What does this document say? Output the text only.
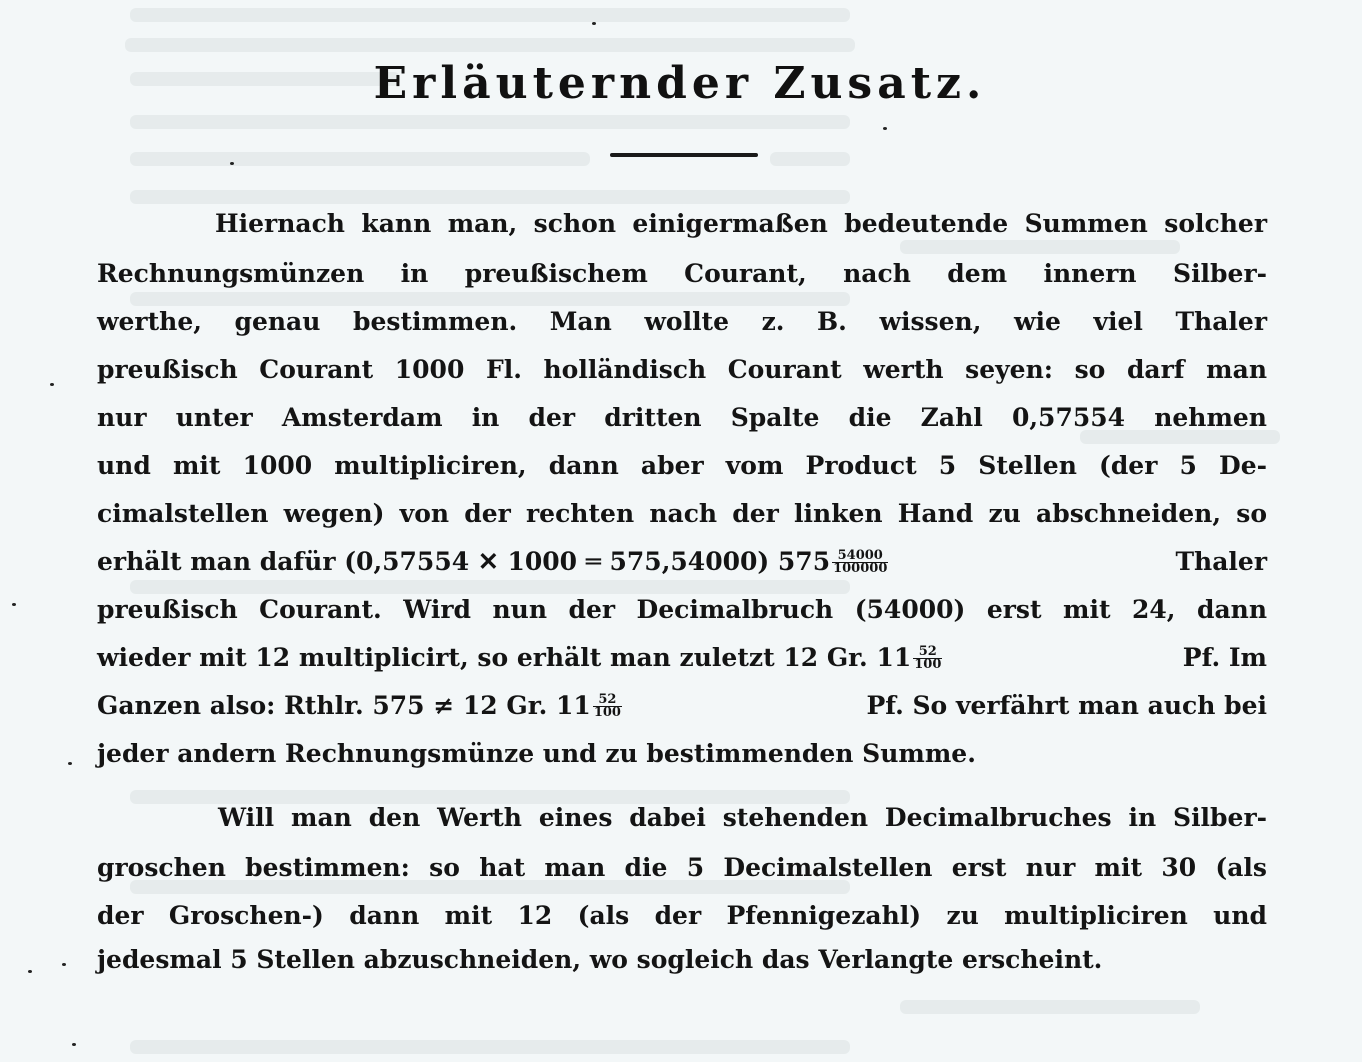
Erläuternder Zusatz.
Hiernach kann man, schon einigermaßen bedeutende Summen solcher
Rechnungsmünzen in preußischem Courant, nach dem innern Silber-
werthe, genau bestimmen. Man wollte z. B. wissen, wie viel Thaler
preußisch Courant 1000 Fl. holländisch Courant werth seyen: so darf man
nur unter Amsterdam in der dritten Spalte die Zahl 0,57554 nehmen
und mit 1000 multipliciren, dann aber vom Product 5 Stellen (der 5 De-
cimalstellen wegen) von der rechten nach der linken Hand zu abschneiden, so
erhält man dafür (0,57554 ✕ 1000 ═ 575,54000) $575 \frac{54000}{100000}$	Thaler
preußisch Courant. Wird nun der Decimalbruch (54000) erst mit 24, dann
wieder mit 12 multiplicirt, so erhält man zuletzt 12 Gr. $11 \frac{52}{100}$	Pf. Im
Ganzen also: Rthlr. 575 ≠ 12 Gr. $11 \frac{52}{100}$	Pf. So verfährt man auch bei
jeder andern Rechnungsmünze und zu bestimmenden Summe.
Will man den Werth eines dabei stehenden Decimalbruches in Silber-
groschen bestimmen: so hat man die 5 Decimalstellen erst nur mit 30 (als
der Groschen-) dann mit 12 (als der Pfennigezahl) zu multipliciren und
jedesmal 5 Stellen abzuschneiden, wo sogleich das Verlangte erscheint.
